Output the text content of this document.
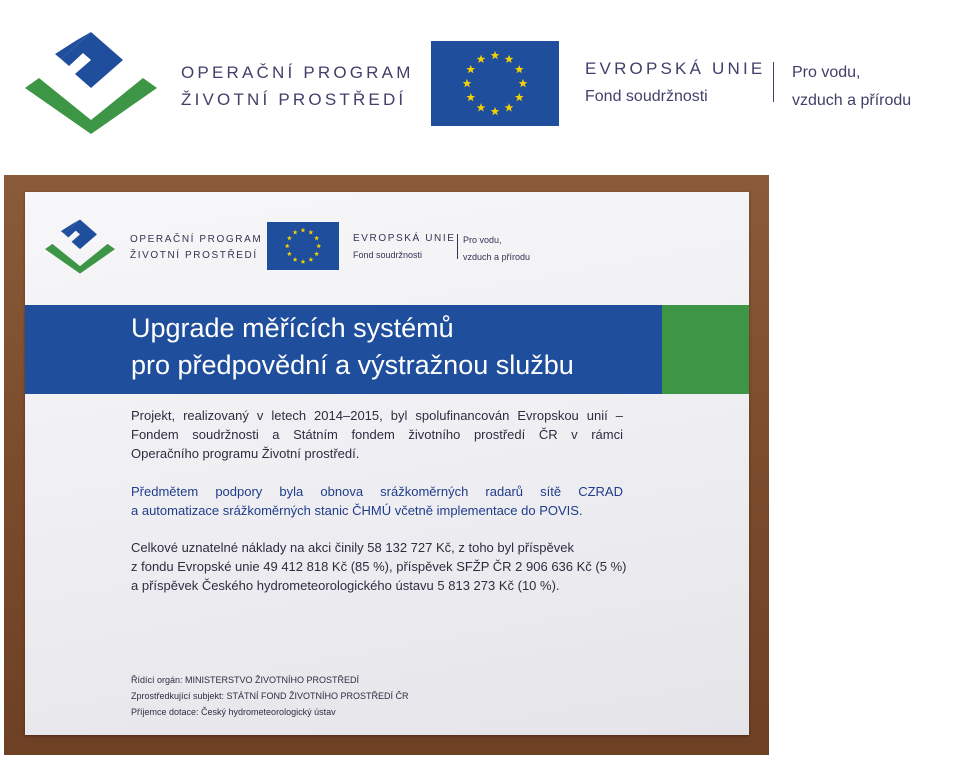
OPERAČNÍ PROGRAM
ŽIVOTNÍ PROSTŘEDÍ
EVROPSKÁ UNIE
Fond soudržnosti
Pro vodu,
vzduch a přírodu
OPERAČNÍ PROGRAM
ŽIVOTNÍ PROSTŘEDÍ
EVROPSKÁ UNIE
Fond soudržnosti
Pro vodu,
vzduch a přírodu
Upgrade měřících systémů
pro předpovědní a výstražnou službu
Projekt, realizovaný v letech 2014–2015, byl spolufinancován Evropskou unií –
Fondem soudržnosti a Státním fondem životního prostředí ČR v rámci
Operačního programu Životní prostředí.
Předmětem podpory byla obnova srážkoměrných radarů sítě CZRAD
a automatizace srážkoměrných stanic ČHMÚ včetně implementace do POVIS.
Celkové uznatelné náklady na akci činily 58 132 727 Kč, z toho byl příspěvek
z fondu Evropské unie 49 412 818 Kč (85 %), příspěvek SFŽP ČR 2 906 636 Kč (5 %)
a příspěvek Českého hydrometeorologického ústavu 5 813 273 Kč (10 %).
Řídící orgán: MINISTERSTVO ŽIVOTNÍHO PROSTŘEDÍ
Zprostředkující subjekt: STÁTNÍ FOND ŽIVOTNÍHO PROSTŘEDÍ ČR
Příjemce dotace: Český hydrometeorologický ústav
